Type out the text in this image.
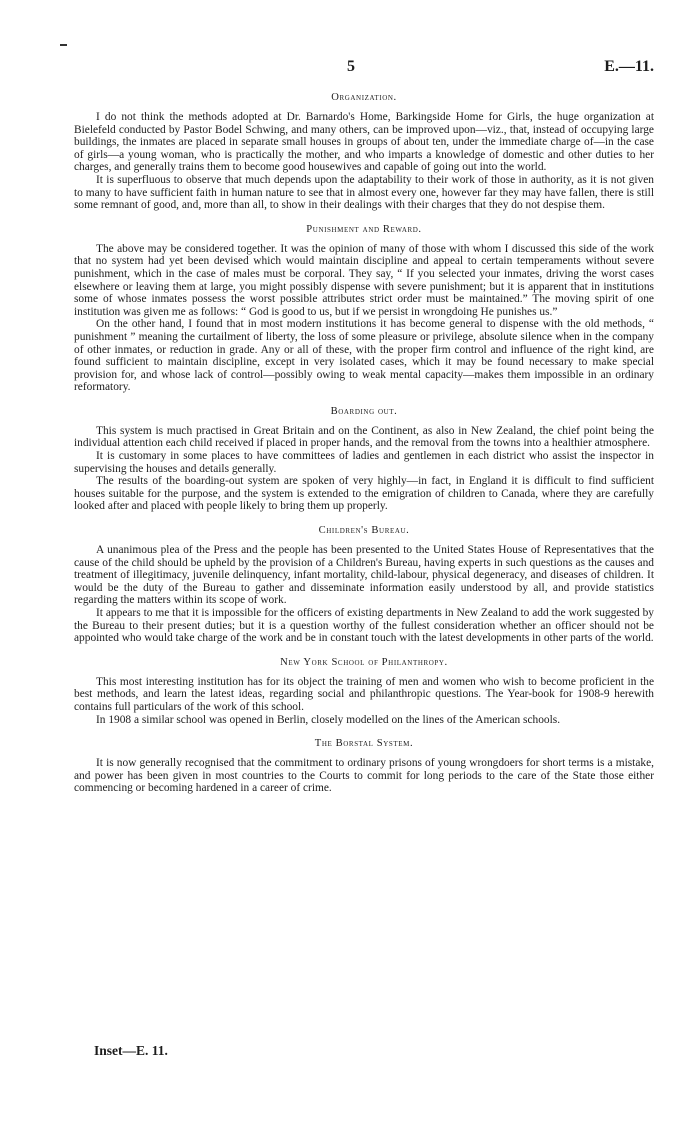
5	E.—11.
Organization.

I do not think the methods adopted at Dr. Barnardo's Home, Barkingside Home for Girls, the huge organization at Bielefeld conducted by Pastor Bodel Schwing, and many others, can be improved upon—viz., that, instead of occupying large buildings, the inmates are placed in separate small houses in groups of about ten, under the immediate charge of—in the case of girls—a young woman, who is practically the mother, and who imparts a knowledge of domestic and other duties to her charges, and generally trains them to become good housewives and capable of going out into the world.

It is superfluous to observe that much depends upon the adaptability to their work of those in authority, as it is not given to many to have sufficient faith in human nature to see that in almost every one, however far they may have fallen, there is still some remnant of good, and, more than all, to show in their dealings with their charges that they do not despise them.

Punishment and Reward.

The above may be considered together. It was the opinion of many of those with whom I discussed this side of the work that no system had yet been devised which would maintain discipline and appeal to certain temperaments without severe punishment, which in the case of males must be corporal. They say, “ If you selected your inmates, driving the worst cases elsewhere or leaving them at large, you might possibly dispense with severe punishment; but it is apparent that in institutions some of whose inmates possess the worst possible attributes strict order must be maintained.” The moving spirit of one institution was given me as follows: “ God is good to us, but if we persist in wrongdoing He punishes us.”

On the other hand, I found that in most modern institutions it has become general to dispense with the old methods, “ punishment ” meaning the curtailment of liberty, the loss of some pleasure or privilege, absolute silence when in the company of other inmates, or reduction in grade. Any or all of these, with the proper firm control and influence of the right kind, are found sufficient to maintain discipline, except in very isolated cases, which it may be found necessary to make special provision for, and whose lack of control—possibly owing to weak mental capacity—makes them impossible in an ordinary reformatory.

Boarding out.

This system is much practised in Great Britain and on the Continent, as also in New Zealand, the chief point being the individual attention each child received if placed in proper hands, and the removal from the towns into a healthier atmosphere.

It is customary in some places to have committees of ladies and gentlemen in each district who assist the inspector in supervising the houses and details generally.

The results of the boarding-out system are spoken of very highly—in fact, in England it is difficult to find sufficient houses suitable for the purpose, and the system is extended to the emigration of children to Canada, where they are carefully looked after and placed with people likely to bring them up properly.

Children's Bureau.

A unanimous plea of the Press and the people has been presented to the United States House of Representatives that the cause of the child should be upheld by the provision of a Children's Bureau, having experts in such questions as the causes and treatment of illegitimacy, juvenile delinquency, infant mortality, child-labour, physical degeneracy, and diseases of children. It would be the duty of the Bureau to gather and disseminate information easily understood by all, and provide statistics regarding the matters within its scope of work.

It appears to me that it is impossible for the officers of existing departments in New Zealand to add the work suggested by the Bureau to their present duties; but it is a question worthy of the fullest consideration whether an officer should not be appointed who would take charge of the work and be in constant touch with the latest developments in other parts of the world.

New York School of Philanthropy.

This most interesting institution has for its object the training of men and women who wish to become proficient in the best methods, and learn the latest ideas, regarding social and philanthropic questions. The Year-book for 1908-9 herewith contains full particulars of the work of this school.

In 1908 a similar school was opened in Berlin, closely modelled on the lines of the American schools.

The Borstal System.

It is now generally recognised that the commitment to ordinary prisons of young wrongdoers for short terms is a mistake, and power has been given in most countries to the Courts to commit for long periods to the care of the State those either commencing or becoming hardened in a career of crime.

Inset—E. 11.
